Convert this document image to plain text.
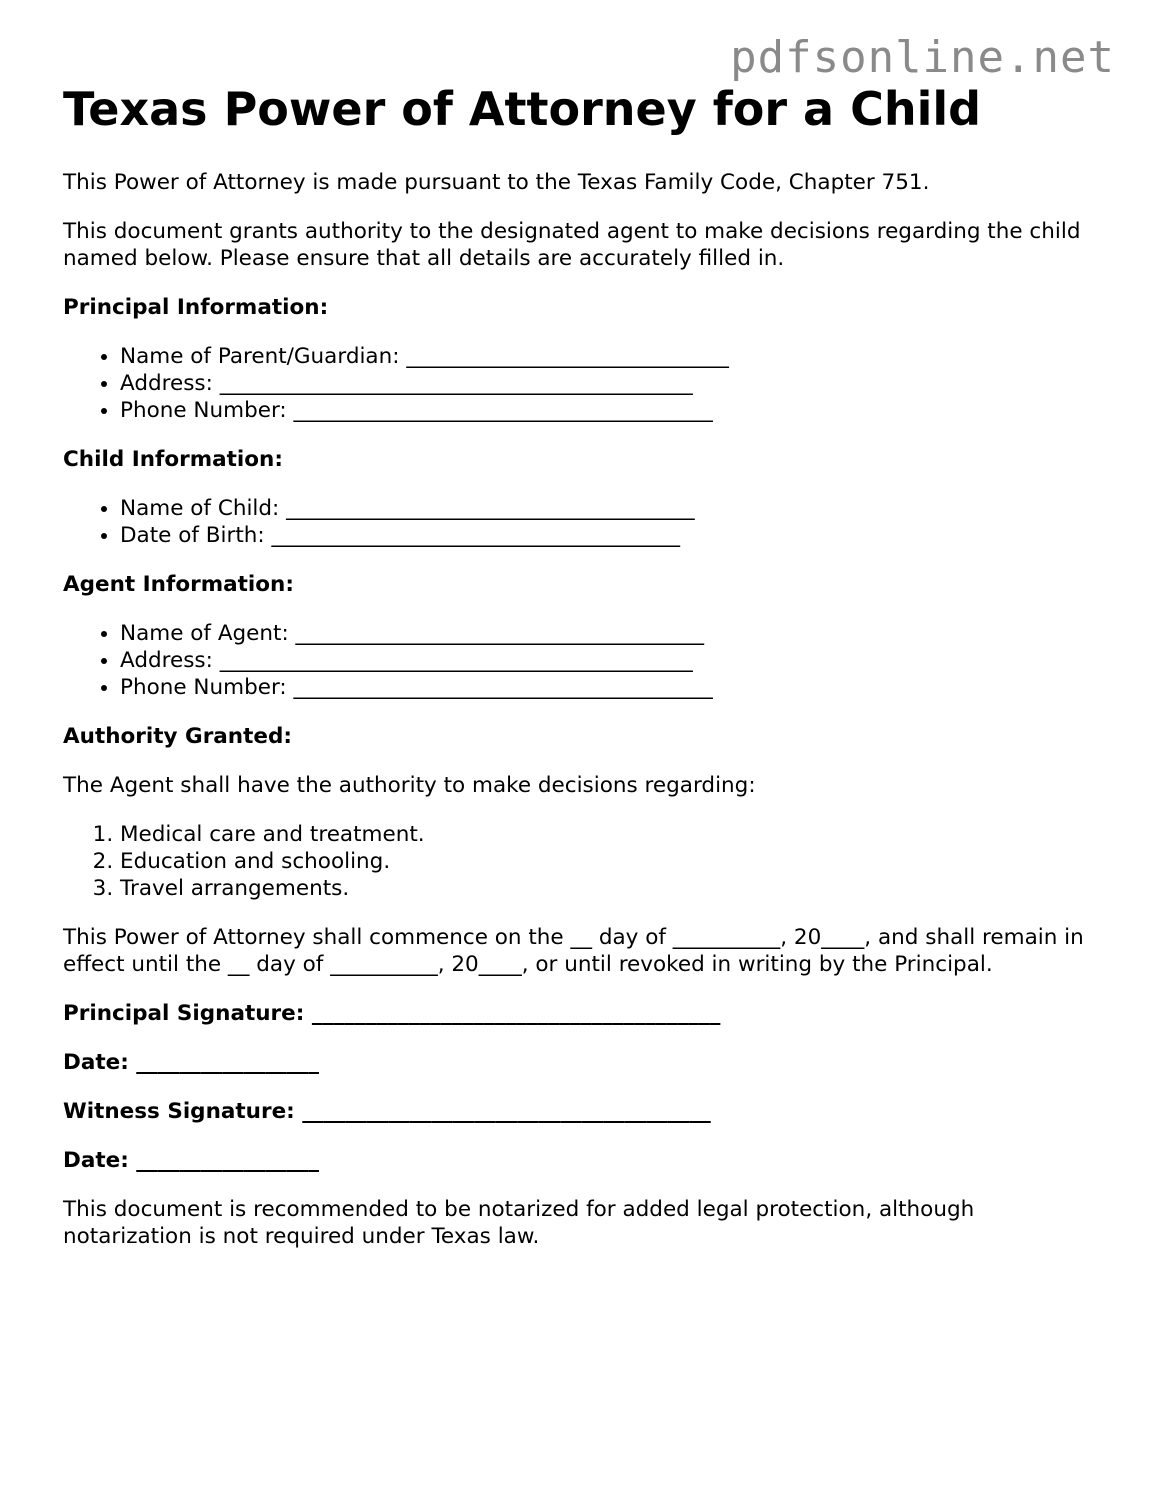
pdfsonline.net
Texas Power of Attorney for a Child

This Power of Attorney is made pursuant to the Texas Family Code, Chapter 751.

This document grants authority to the designated agent to make decisions regarding the child named below. Please ensure that all details are accurately filled in.

Principal Information:

• Name of Parent/Guardian: ______________________________
• Address: ____________________________________________
• Phone Number: _______________________________________

Child Information:

• Name of Child: ______________________________________
• Date of Birth: ______________________________________

Agent Information:

• Name of Agent: ______________________________________
• Address: ____________________________________________
• Phone Number: _______________________________________

Authority Granted:

The Agent shall have the authority to make decisions regarding:

1. Medical care and treatment.
2. Education and schooling.
3. Travel arrangements.

This Power of Attorney shall commence on the __ day of __________, 20____, and shall remain in effect until the __ day of __________, 20____, or until revoked in writing by the Principal.

Principal Signature: ______________________________________

Date: _________________

Witness Signature: ______________________________________

Date: _________________

This document is recommended to be notarized for added legal protection, although notarization is not required under Texas law.
